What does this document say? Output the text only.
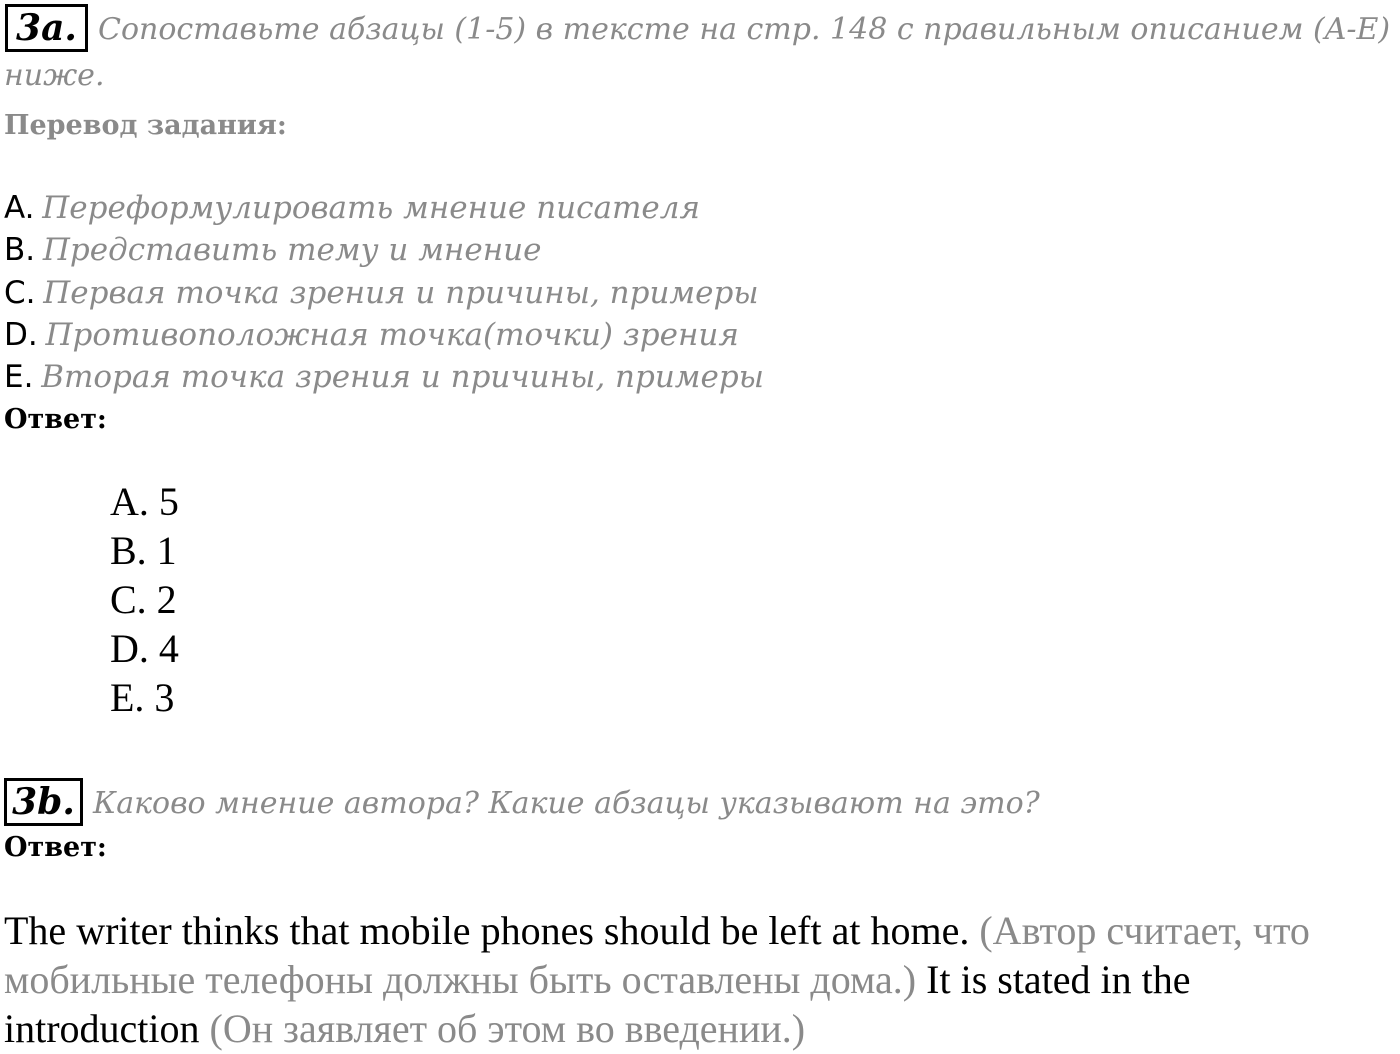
3a. Сопоставьте абзацы (1-5) в тексте на стр. 148 с правильным описанием (A-E)
ниже.
Перевод задания:
A. Переформулировать мнение писателя
B. Представить тему и мнение
C. Первая точка зрения и причины, примеры
D. Противоположная точка(точки) зрения
E. Вторая точка зрения и причины, примеры
Ответ:
A. 5
B. 1
C. 2
D. 4
E. 3
3b. Каково мнение автора? Какие абзацы указывают на это?
Ответ:
The writer thinks that mobile phones should be left at home. (Автор считает, что
мобильные телефоны должны быть оставлены дома.) It is stated in the
introduction (Он заявляет об этом во введении.)
